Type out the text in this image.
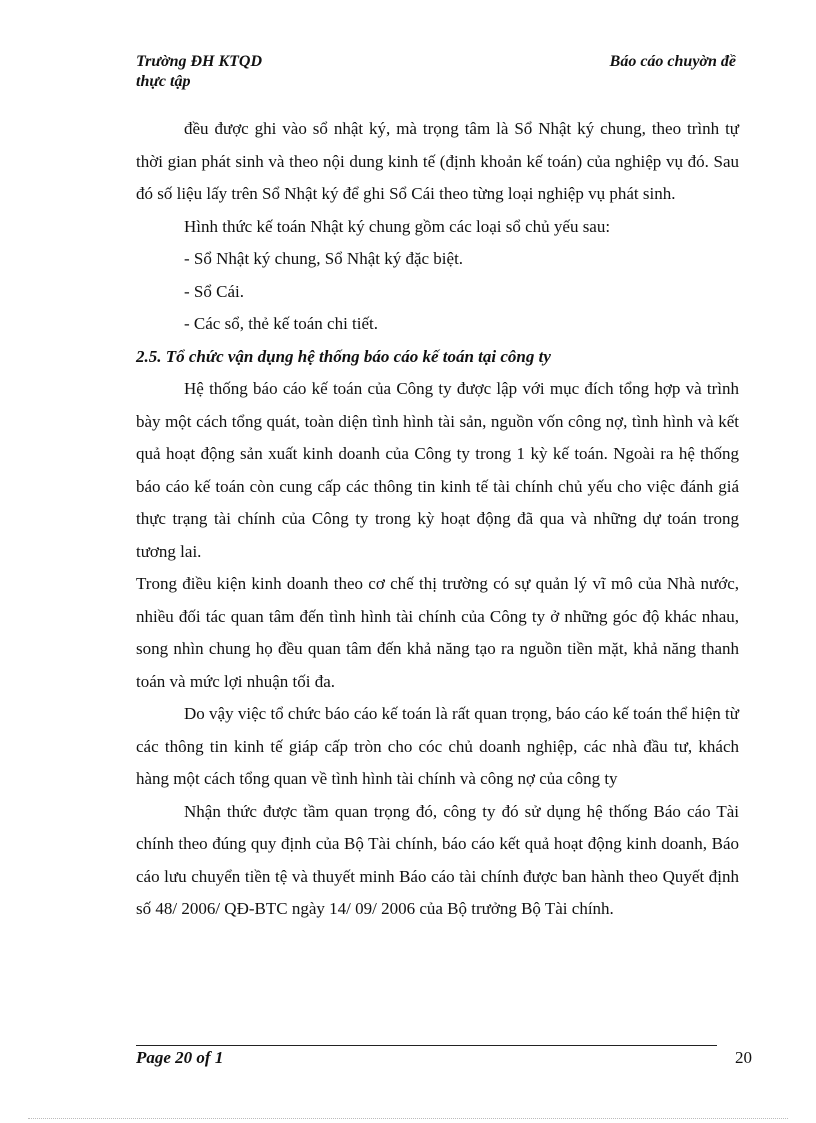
Trường ĐH KTQD
thực tập
Báo cáo chuyờn đề

đều được ghi vào sổ nhật ký, mà trọng tâm là Sổ Nhật ký chung, theo trình tự thời gian phát sinh và theo nội dung kinh tế (định khoản kế toán) của nghiệp vụ đó. Sau đó số liệu lấy trên Sổ Nhật ký để ghi Sổ Cái theo từng loại nghiệp vụ phát sinh.

Hình thức kế toán Nhật ký chung gồm các loại sổ chủ yếu sau:

- Sổ Nhật ký chung, Sổ Nhật ký đặc biệt.

- Sổ Cái.

- Các sổ, thẻ kế toán chi tiết.

2.5. Tổ chức vận dụng hệ thống báo cáo kế toán tại công ty

Hệ thống báo cáo kế toán của Công ty được lập với mục đích tổng hợp và trình bày một cách tổng quát, toàn diện tình hình tài sản, nguồn vốn công nợ, tình hình và kết quả hoạt động sản xuất kinh doanh của Công ty trong 1 kỳ kế toán. Ngoài ra hệ thống báo cáo kế toán còn cung cấp các thông tin kinh tế tài chính chủ yếu cho việc đánh giá thực trạng tài chính của Công ty trong kỳ hoạt động đã qua và những dự toán trong tương lai.

Trong điều kiện kinh doanh theo cơ chế thị trường có sự quản lý vĩ mô của Nhà nước, nhiều đối tác quan tâm đến tình hình tài chính của Công ty ở những góc độ khác nhau, song nhìn chung họ đều quan tâm đến khả năng tạo ra nguồn tiền mặt, khả năng thanh toán và mức lợi nhuận tối đa.

Do vậy việc tổ chức báo cáo kế toán là rất quan trọng, báo cáo kế toán thể hiện từ các thông tin kinh tế giáp cấp tròn cho cóc chủ doanh nghiệp, các nhà đầu tư, khách hàng một cách tổng quan về tình hình tài chính và công nợ của công ty

Nhận thức được tầm quan trọng đó, công ty đó sử dụng hệ thống Báo cáo Tài chính theo đúng quy định của Bộ Tài chính, báo cáo kết quả hoạt động kinh doanh, Báo cáo lưu chuyển tiền tệ và thuyết minh Báo cáo tài chính được ban hành theo Quyết định số 48/ 2006/ QĐ-BTC ngày 14/ 09/ 2006 của Bộ trưởng Bộ Tài chính.

Page 20 of 1	20
